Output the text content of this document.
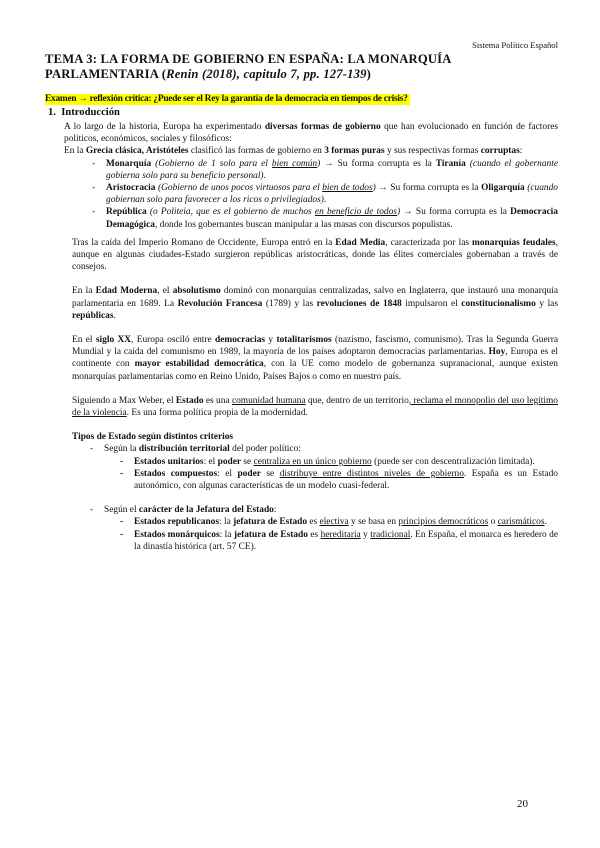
Sistema Político Español
TEMA 3: LA FORMA DE GOBIERNO EN ESPAÑA: LA MONARQUÍA
PARLAMENTARIA (Renin (2018), capitulo 7, pp. 127-139)
Examen → reflexión crítica: ¿Puede ser el Rey la garantía de la democracia en tiempos de crisis?
1. Introducción

A lo largo de la historia, Europa ha experimentado diversas formas de gobierno que han evolucionado en función de factores políticos, económicos, sociales y filosóficos:

En la Grecia clásica, Aristóteles clasificó las formas de gobierno en 3 formas puras y sus respectivas formas corruptas:

- Monarquía (Gobierno de 1 solo para el bien común) → Su forma corrupta es la Tiranía (cuando el gobernante gobierna solo para su beneficio personal).
- Aristocracia (Gobierno de unos pocos virtuosos para el bien de todos) → Su forma corrupta es la Oligarquía (cuando gobiernan solo para favorecer a los ricos o privilegiados).
- República (o Politeia, que es el gobierno de muchos en beneficio de todos) → Su forma corrupta es la Democracia Demagógica, donde los gobernantes buscan manipular a las masas con discursos populistas.

Tras la caída del Imperio Romano de Occidente, Europa entró en la Edad Media, caracterizada por las monarquías feudales, aunque en algunas ciudades-Estado surgieron repúblicas aristocráticas, donde las élites comerciales gobernaban a través de consejos.

En la Edad Moderna, el absolutismo dominó con monarquías centralizadas, salvo en Inglaterra, que instauró una monarquía parlamentaria en 1689. La Revolución Francesa (1789) y las revoluciones de 1848 impulsaron el constitucionalismo y las repúblicas.

En el siglo XX, Europa osciló entre democracias y totalitarismos (nazismo, fascismo, comunismo). Tras la Segunda Guerra Mundial y la caída del comunismo en 1989, la mayoría de los países adoptaron democracias parlamentarias. Hoy, Europa es el continente con mayor estabilidad democrática, con la UE como modelo de gobernanza supranacional, aunque existen monarquías parlamentarias como en Reino Unido, Países Bajos o como en nuestro país.

Siguiendo a Max Weber, el Estado es una comunidad humana que, dentro de un territorio, reclama el monopolio del uso legítimo de la violencia. Es una forma política propia de la modernidad.

Tipos de Estado según distintos criterios

- Según la distribución territorial del poder político:
- Estados unitarios: el poder se centraliza en un único gobierno (puede ser con descentralización limitada).
- Estados compuestos: el poder se distribuye entre distintos niveles de gobierno. España es un Estado autonómico, con algunas características de un modelo cuasi-federal.
- Según el carácter de la Jefatura del Estado:
- Estados republicanos: la jefatura de Estado es electiva y se basa en principios democráticos o carismáticos.
- Estados monárquicos: la jefatura de Estado es hereditaria y tradicional. En España, el monarca es heredero de la dinastía histórica (art. 57 CE).
20
